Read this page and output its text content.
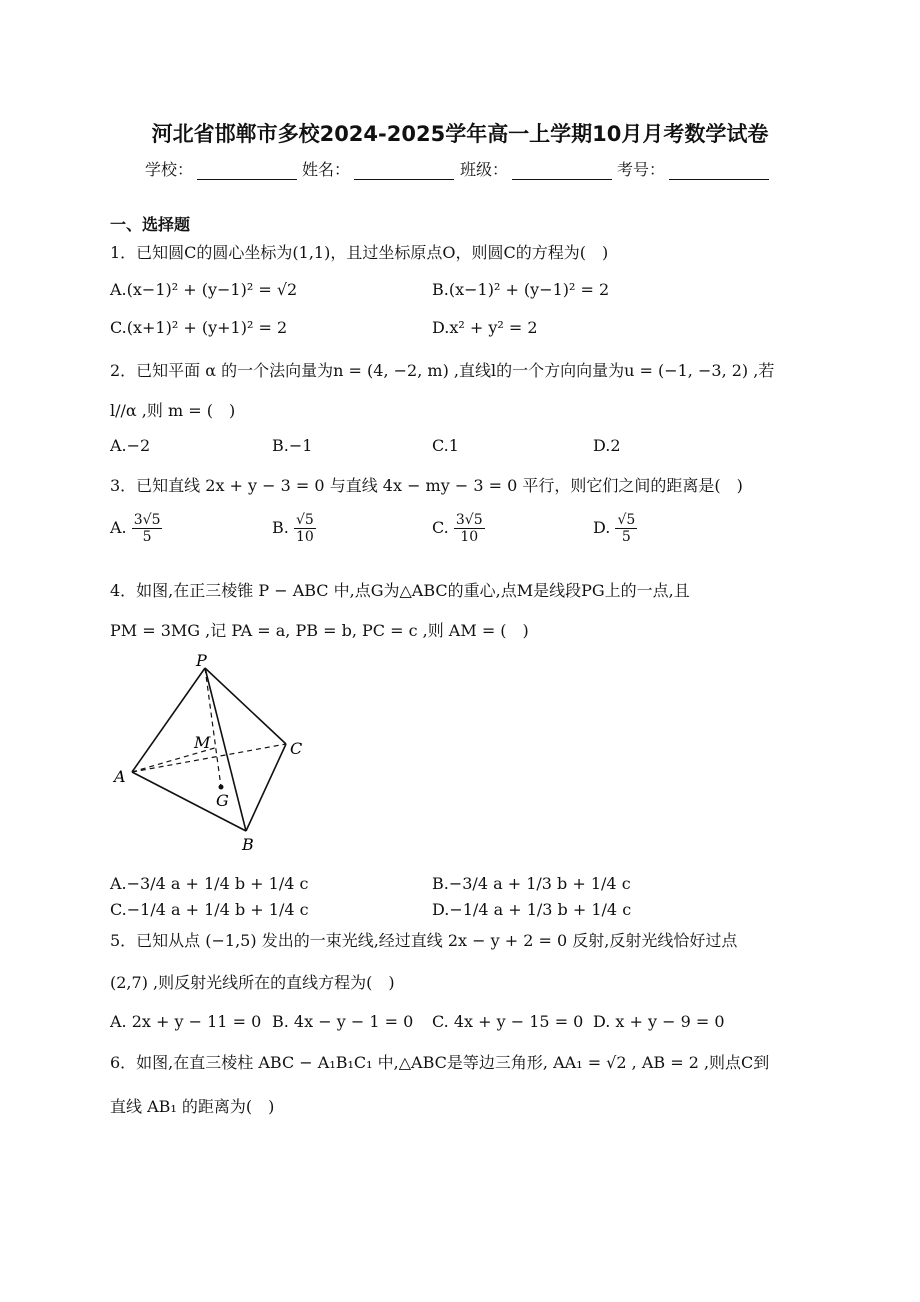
河北省邯郸市多校2024-2025学年高一上学期10月月考数学试卷
学校：	姓名：	班级：	考号：
一、选择题
1．已知圆C的圆心坐标为(1,1)，且过坐标原点O，则圆C的方程为(　)
A.(x−1)² + (y−1)² = √2	B.(x−1)² + (y−1)² = 2
C.(x+1)² + (y+1)² = 2	D.x² + y² = 2
2．已知平面 α 的一个法向量为n = (4, −2, m) ,直线l的一个方向向量为u = (−1, −3, 2) ,若
l//α ,则 m = (　)
A.−2	B.−1	C.1	D.2
3．已知直线 2x + y − 3 = 0 与直线 4x − my − 3 = 0 平行，则它们之间的距离是(　)
A. $\frac{3√5}{5}$	B. $\frac{√5}{10}$	C. $\frac{3√5}{10}$	D. $\frac{√5}{5}$
4．如图,在正三棱锥 P − ABC 中,点G为△ABC的重心,点M是线段PG上的一点,且
PM = 3MG ,记 PA = a, PB = b, PC = c ,则 AM = (　)
P
M	C
A
G
B
A.−3/4 a + 1/4 b + 1/4 c	B.−3/4 a + 1/3 b + 1/4 c
C.−1/4 a + 1/4 b + 1/4 c	D.−1/4 a + 1/3 b + 1/4 c
5．已知从点 (−1,5) 发出的一束光线,经过直线 2x − y + 2 = 0 反射,反射光线恰好过点
(2,7) ,则反射光线所在的直线方程为(　)
A. 2x + y − 11 = 0 B. 4x − y − 1 = 0 C. 4x + y − 15 = 0 D. x + y − 9 = 0
6．如图,在直三棱柱 ABC − A₁B₁C₁ 中,△ABC是等边三角形, AA₁ = √2 , AB = 2 ,则点C到
直线 AB₁ 的距离为(　)
